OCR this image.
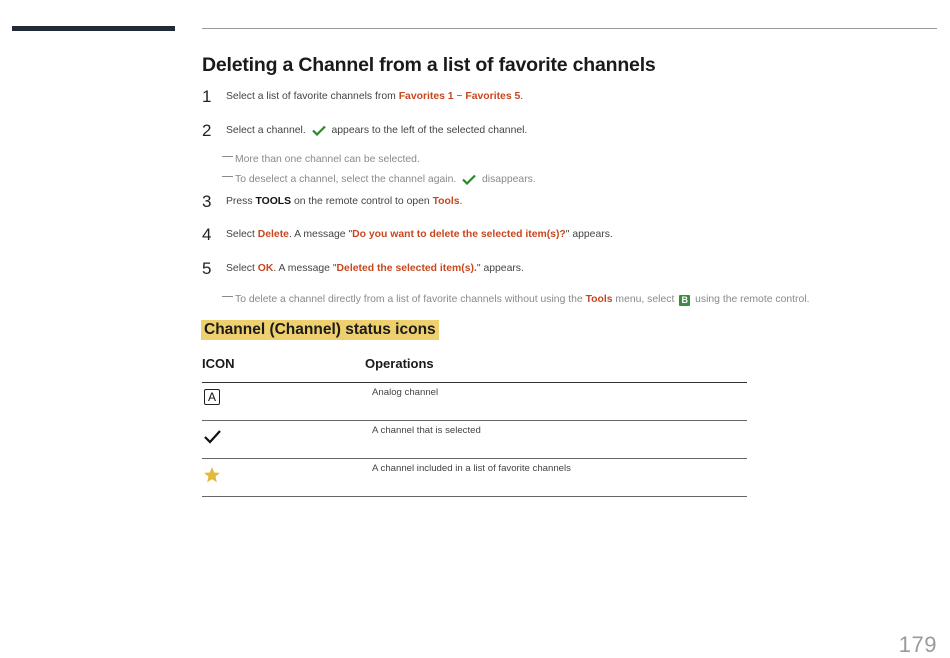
Deleting a Channel from a list of favorite channels
1 Select a list of favorite channels from Favorites 1 ~ Favorites 5.
2 Select a channel.  appears to the left of the selected channel.
More than one channel can be selected.
To deselect a channel, select the channel again.  disappears.
3 Press TOOLS on the remote control to open Tools.
4 Select Delete. A message "Do you want to delete the selected item(s)?" appears.
5 Select OK. A message "Deleted the selected item(s)." appears.
To delete a channel directly from a list of favorite channels without using the Tools menu, select B using the remote control.
Channel (Channel) status icons
ICON	Operations
A	Analog channel
A channel that is selected
A channel included in a list of favorite channels
179
